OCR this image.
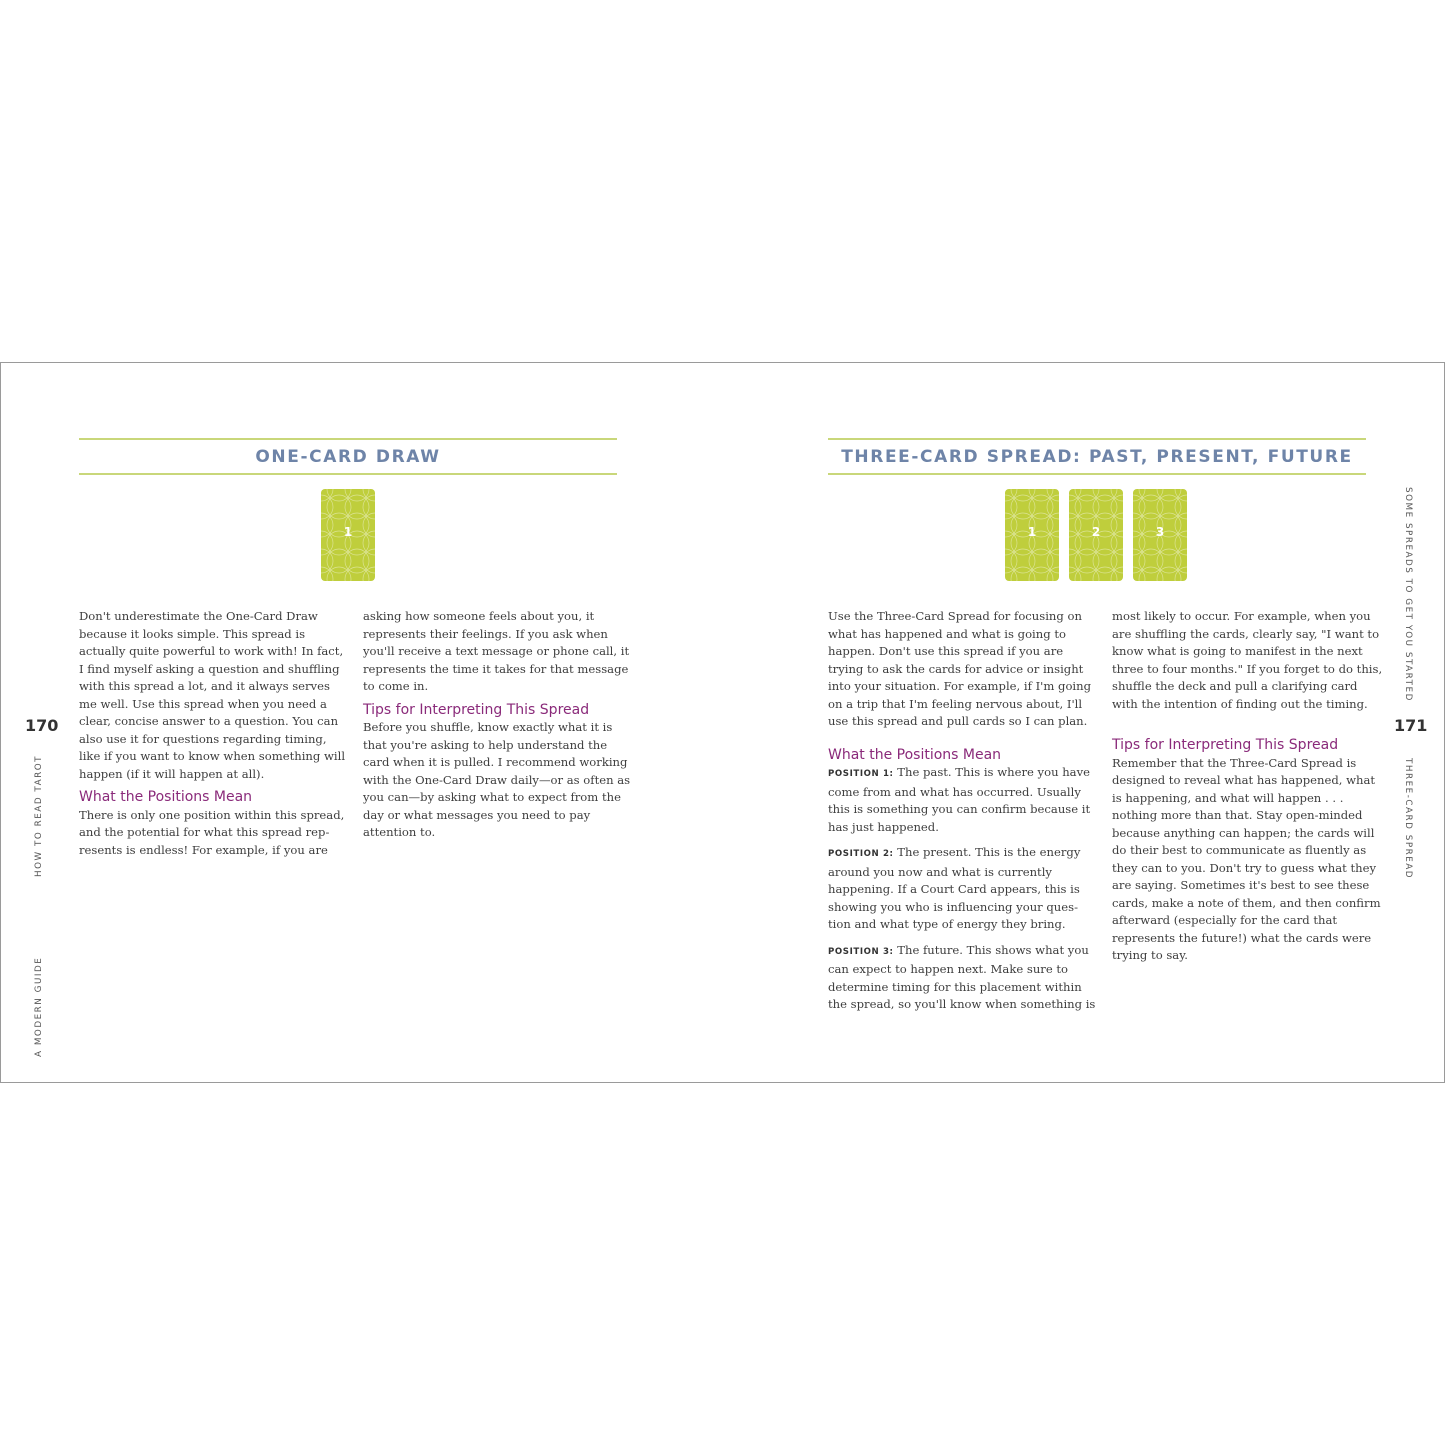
A MODERN GUIDE
170
HOW TO READ TAROT
ONE-CARD DRAW
1

Don't underestimate the One-Card Draw

because it looks simple. This spread is

actually quite powerful to work with! In fact,

I find myself asking a question and shuffling

with this spread a lot, and it always serves

me well. Use this spread when you need a

clear, concise answer to a question. You can

also use it for questions regarding timing,

like if you want to know when something will

happen (if it will happen at all).

What the Positions Mean

There is only one position within this spread,

and the potential for what this spread rep-

resents is endless! For example, if you are

asking how someone feels about you, it

represents their feelings. If you ask when

you'll receive a text message or phone call, it

represents the time it takes for that message

to come in.

Tips for Interpreting This Spread

Before you shuffle, know exactly what it is

that you're asking to help understand the

card when it is pulled. I recommend working

with the One-Card Draw daily—or as often as

you can—by asking what to expect from the

day or what messages you need to pay

attention to.

SOME SPREADS TO GET YOU STARTED
171
THREE-CARD SPREAD
THREE-CARD SPREAD: PAST, PRESENT, FUTURE
1	2	3

Use the Three-Card Spread for focusing on

what has happened and what is going to

happen. Don't use this spread if you are

trying to ask the cards for advice or insight

into your situation. For example, if I'm going

on a trip that I'm feeling nervous about, I'll

use this spread and pull cards so I can plan.

What the Positions Mean

POSITION 1: The past. This is where you have

come from and what has occurred. Usually

this is something you can confirm because it

has just happened.

POSITION 2: The present. This is the energy

around you now and what is currently

happening. If a Court Card appears, this is

showing you who is influencing your ques-

tion and what type of energy they bring.

POSITION 3: The future. This shows what you

can expect to happen next. Make sure to

determine timing for this placement within

the spread, so you'll know when something is

most likely to occur. For example, when you

are shuffling the cards, clearly say, "I want to

know what is going to manifest in the next

three to four months." If you forget to do this,

shuffle the deck and pull a clarifying card

with the intention of finding out the timing.

Tips for Interpreting This Spread

Remember that the Three-Card Spread is

designed to reveal what has happened, what

is happening, and what will happen . . .

nothing more than that. Stay open-minded

because anything can happen; the cards will

do their best to communicate as fluently as

they can to you. Don't try to guess what they

are saying. Sometimes it's best to see these

cards, make a note of them, and then confirm

afterward (especially for the card that

represents the future!) what the cards were

trying to say.
